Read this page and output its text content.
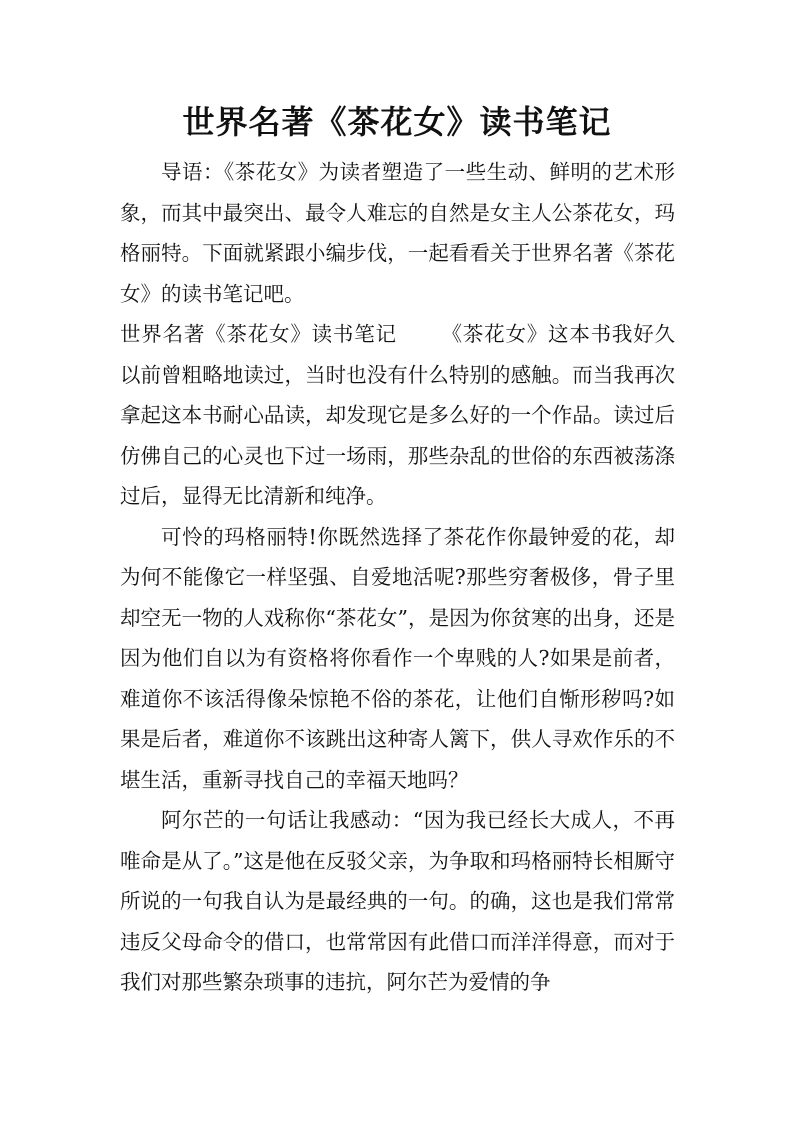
世界名著《茶花女》读书笔记

导语：《茶花女》为读者塑造了一些生动、鲜明的艺术形象，而其中最突出、最令人难忘的自然是女主人公茶花女，玛格丽特。下面就紧跟小编步伐，一起看看关于世界名著《茶花女》的读书笔记吧。

世界名著《茶花女》读书笔记 《茶花女》这本书我好久以前曾粗略地读过，当时也没有什么特别的感触。而当我再次拿起这本书耐心品读，却发现它是多么好的一个作品。读过后仿佛自己的心灵也下过一场雨，那些杂乱的世俗的东西被荡涤过后，显得无比清新和纯净。

可怜的玛格丽特!你既然选择了茶花作你最钟爱的花，却为何不能像它一样坚强、自爱地活呢?那些穷奢极侈，骨子里却空无一物的人戏称你“茶花女”，是因为你贫寒的出身，还是因为他们自以为有资格将你看作一个卑贱的人?如果是前者，难道你不该活得像朵惊艳不俗的茶花，让他们自惭形秽吗?如果是后者，难道你不该跳出这种寄人篱下，供人寻欢作乐的不堪生活，重新寻找自己的幸福天地吗？

阿尔芒的一句话让我感动：“因为我已经长大成人，不再唯命是从了。”这是他在反驳父亲，为争取和玛格丽特长相厮守所说的一句我自认为是最经典的一句。的确，这也是我们常常违反父母命令的借口，也常常因有此借口而洋洋得意，而对于我们对那些繁杂琐事的违抗，阿尔芒为爱情的争
